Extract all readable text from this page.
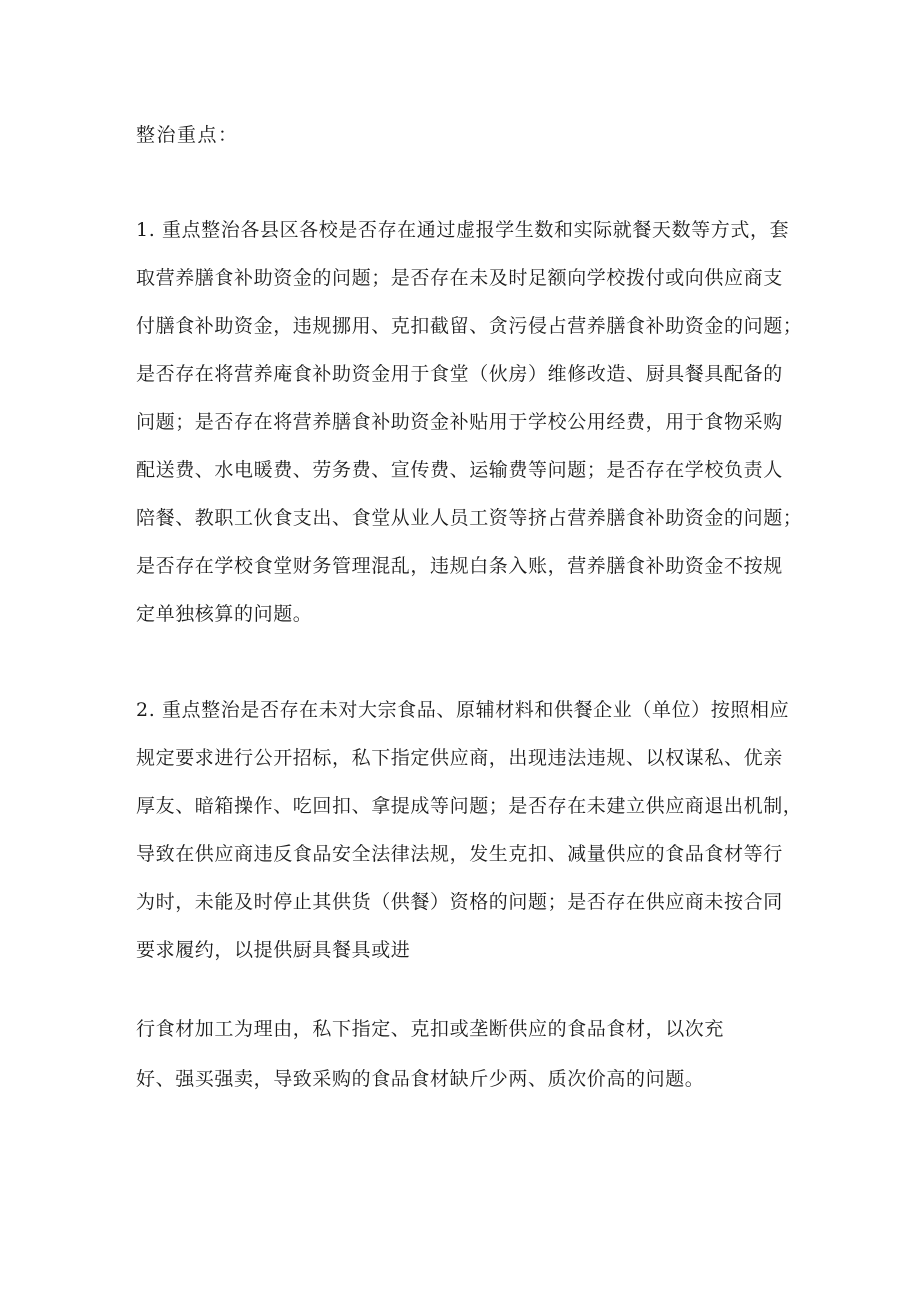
整治重点：
1. 重点整治各县区各校是否存在通过虚报学生数和实际就餐天数等方式，套
取营养膳食补助资金的问题；是否存在未及时足额向学校拨付或向供应商支
付膳食补助资金，违规挪用、克扣截留、贪污侵占营养膳食补助资金的问题；
是否存在将营养庵食补助资金用于食堂（伙房）维修改造、厨具餐具配备的
问题；是否存在将营养膳食补助资金补贴用于学校公用经费，用于食物采购
配送费、水电暖费、劳务费、宣传费、运输费等问题；是否存在学校负责人
陪餐、教职工伙食支出、食堂从业人员工资等挤占营养膳食补助资金的问题；
是否存在学校食堂财务管理混乱，违规白条入账，营养膳食补助资金不按规
定单独核算的问题。
2. 重点整治是否存在未对大宗食品、原辅材料和供餐企业（单位）按照相应
规定要求进行公开招标，私下指定供应商，出现违法违规、以权谋私、优亲
厚友、暗箱操作、吃回扣、拿提成等问题；是否存在未建立供应商退出机制，
导致在供应商违反食品安全法律法规，发生克扣、减量供应的食品食材等行
为时，未能及时停止其供货（供餐）资格的问题；是否存在供应商未按合同
要求履约，以提供厨具餐具或进
行食材加工为理由，私下指定、克扣或垄断供应的食品食材，以次充
好、强买强卖，导致采购的食品食材缺斤少两、质次价高的问题。
